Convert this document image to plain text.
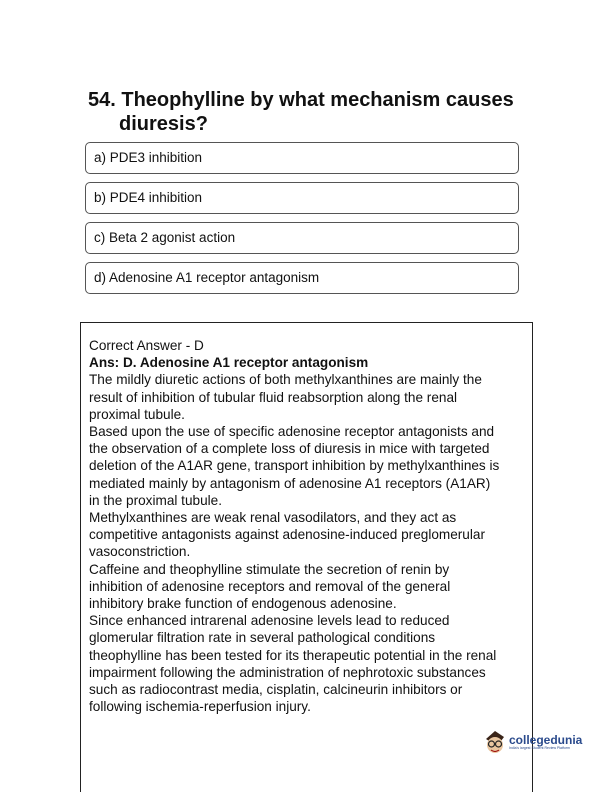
54. Theophylline by what mechanism causes
diuresis?
a) PDE3 inhibition
b) PDE4 inhibition
c) Beta 2 agonist action
d) Adenosine A1 receptor antagonism
Correct Answer - D
Ans: D. Adenosine A1 receptor antagonism
The mildly diuretic actions of both methylxanthines are mainly the
result of inhibition of tubular fluid reabsorption along the renal
proximal tubule.
Based upon the use of specific adenosine receptor antagonists and
the observation of a complete loss of diuresis in mice with targeted
deletion of the A1AR gene, transport inhibition by methylxanthines is
mediated mainly by antagonism of adenosine A1 receptors (A1AR)
in the proximal tubule.
Methylxanthines are weak renal vasodilators, and they act as
competitive antagonists against adenosine-induced preglomerular
vasoconstriction.
Caffeine and theophylline stimulate the secretion of renin by
inhibition of adenosine receptors and removal of the general
inhibitory brake function of endogenous adenosine.
Since enhanced intrarenal adenosine levels lead to reduced
glomerular filtration rate in several pathological conditions
theophylline has been tested for its therapeutic potential in the renal
impairment following the administration of nephrotoxic substances
such as radiocontrast media, cisplatin, calcineurin inhibitors or
following ischemia-reperfusion injury.
collegedunia
India's largest Student Review Platform
